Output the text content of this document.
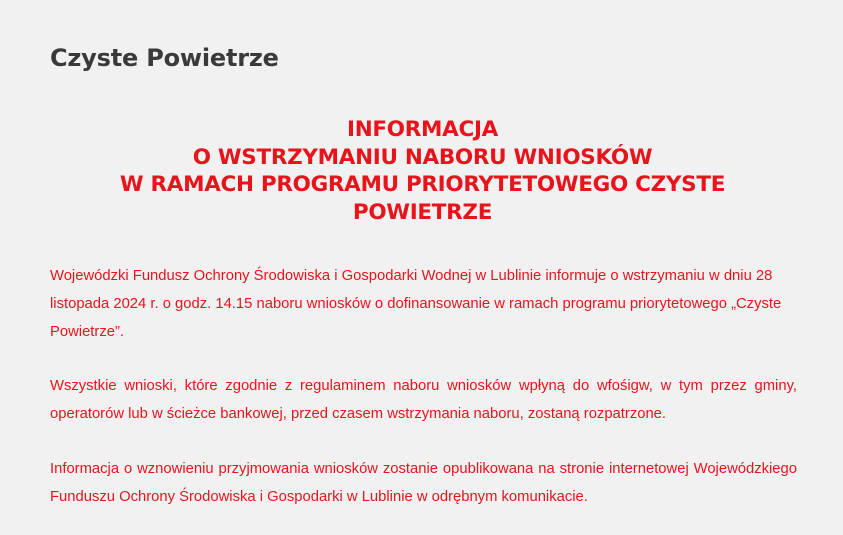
Czyste Powietrze
INFORMACJA
O WSTRZYMANIU NABORU WNIOSKÓW
W RAMACH PROGRAMU PRIORYTETOWEGO CZYSTE
POWIETRZE

Wojewódzki Fundusz Ochrony Środowiska i Gospodarki Wodnej w Lublinie informuje o wstrzymaniu w dniu 28 listopada 2024 r. o godz. 14.15 naboru wniosków o dofinansowanie w ramach programu priorytetowego „Czyste Powietrze”.

Wszystkie wnioski, które zgodnie z regulaminem naboru wniosków wpłyną do wfośigw, w tym przez gminy, operatorów lub w ścieżce bankowej, przed czasem wstrzymania naboru, zostaną rozpatrzone.

Informacja o wznowieniu przyjmowania wniosków zostanie opublikowana na stronie internetowej Wojewódzkiego Funduszu Ochrony Środowiska i Gospodarki w Lublinie w odrębnym komunikacie.
